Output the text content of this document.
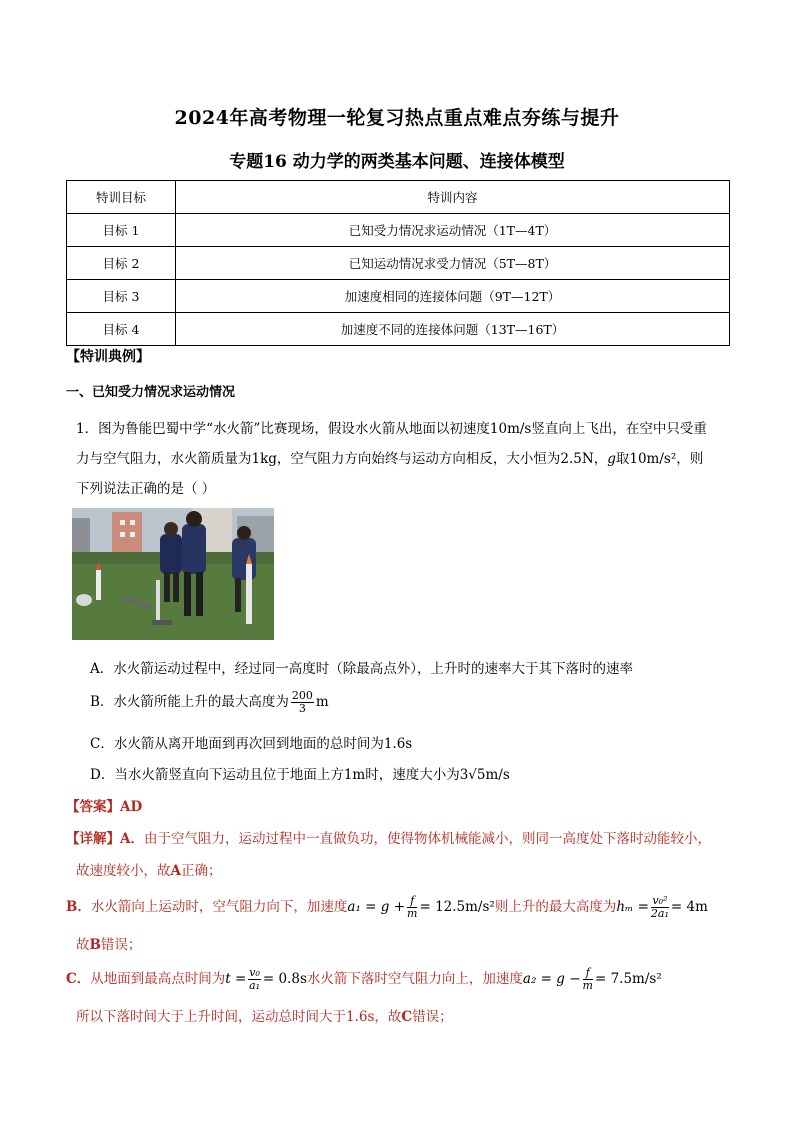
2024年高考物理一轮复习热点重点难点夯练与提升
专题16 动力学的两类基本问题、连接体模型
特训目标	特训内容
目标 1	已知受力情况求运动情况（1T—4T）
目标 2	已知运动情况求受力情况（5T—8T）
目标 3	加速度相同的连接体问题（9T—12T）
目标 4	加速度不同的连接体问题（13T—16T）
【特训典例】
一、已知受力情况求运动情况
1．图为鲁能巴蜀中学“水火箭”比赛现场，假设水火箭从地面以初速度10m/s竖直向上飞出，在空中只受重
力与空气阻力，水火箭质量为1kg，空气阻力方向始终与运动方向相反，大小恒为2.5N，g取10m/s²，则
下列说法正确的是（ ）
A．水火箭运动过程中，经过同一高度时（除最高点外），上升时的速率大于其下落时的速率
B．水火箭所能上升的最大高度为 $\frac{200}{3}$ m
C．水火箭从离开地面到再次回到地面的总时间为1.6s
D．当水火箭竖直向下运动且位于地面上方1m时，速度大小为3√5m/s
【答案】AD
【详解】A．由于空气阻力，运动过程中一直做负功，使得物体机械能减小，则同一高度处下落时动能较小，
故速度较小，故A正确；
B．水火箭向上运动时，空气阻力向下，加速度$a_1 = g + \frac{f}{m} = 12.5m/s^2$则上升的最大高度为$h_m = \frac{\text{v₀²}}{\text{2a₁}} = 4m$
故B错误；
C．从地面到最高点时间为$t = \frac{\text{v₀}}{\text{a₁}} = 0.8s$水火箭下落时空气阻力向上，加速度$a_2 = g - \frac{f}{m} = 7.5m/s^2$
所以下落时间大于上升时间，运动总时间大于1.6s，故C错误；
